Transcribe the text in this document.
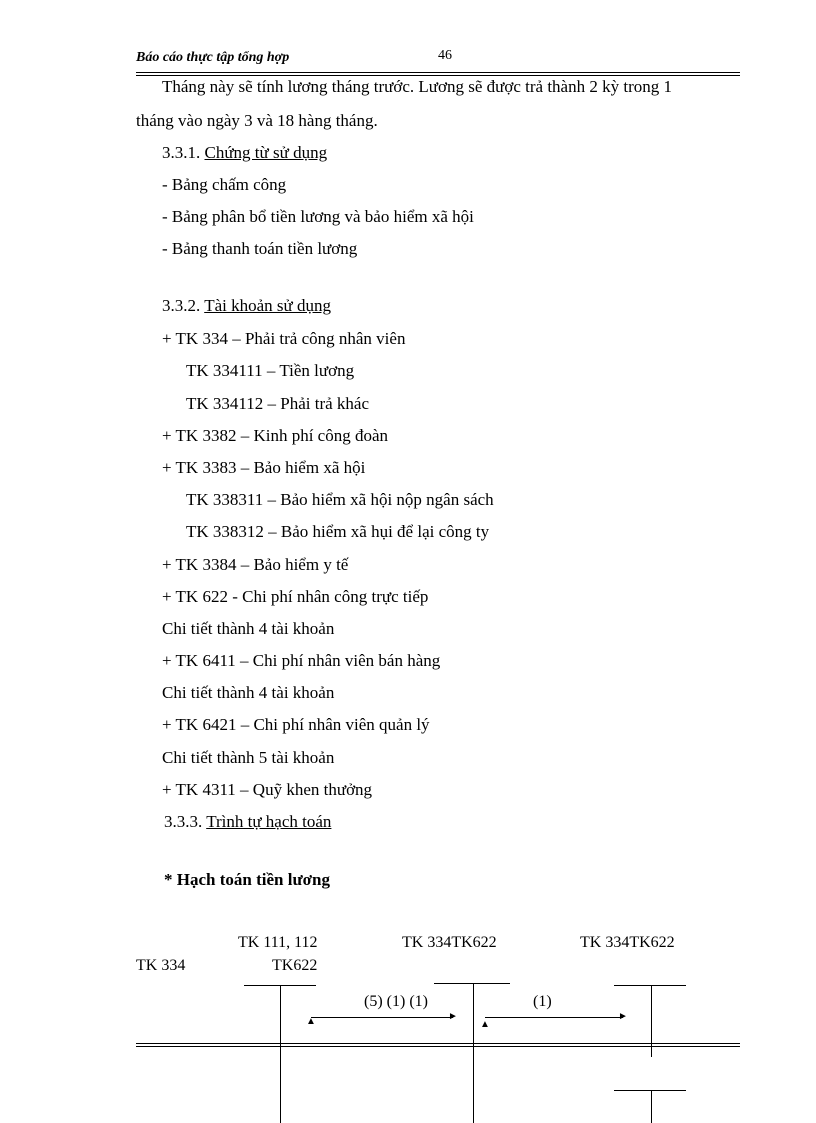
Báo cáo thực tập tổng hợp	46
Tháng này sẽ tính lương tháng trước. Lương sẽ được trả thành 2 kỳ trong 1
tháng vào ngày 3 và 18 hàng tháng.
3.3.1. Chứng từ sử dụng
- Bảng chấm công
- Bảng phân bổ tiền lương và bảo hiểm xã hội
- Bảng thanh toán tiền lương
3.3.2. Tài khoản sử dụng
+ TK 334 – Phải trả công nhân viên
TK 334111 – Tiền lương
TK 334112 – Phải trả khác
+ TK 3382 – Kinh phí công đoàn
+ TK 3383 – Bảo hiểm xã hội
TK 338311 – Bảo hiểm xã hội nộp ngân sách
TK 338312 – Bảo hiểm xã hụi để lại công ty
+ TK 3384 – Bảo hiểm y tế
+ TK 622 - Chi phí nhân công trực tiếp
Chi tiết thành 4 tài khoản
+ TK 6411 – Chi phí nhân viên bán hàng
Chi tiết thành 4 tài khoản
+ TK 6421 – Chi phí nhân viên quản lý
Chi tiết thành 5 tài khoản
+ TK 4311 – Quỹ khen thưởng
3.3.3. Trình tự hạch toán
* Hạch toán tiền lương
TK 111, 112	TK 334TK622	TK 334TK622
TK 334	TK622
(5) (1) (1)
►
▲
(1)
►
▲
